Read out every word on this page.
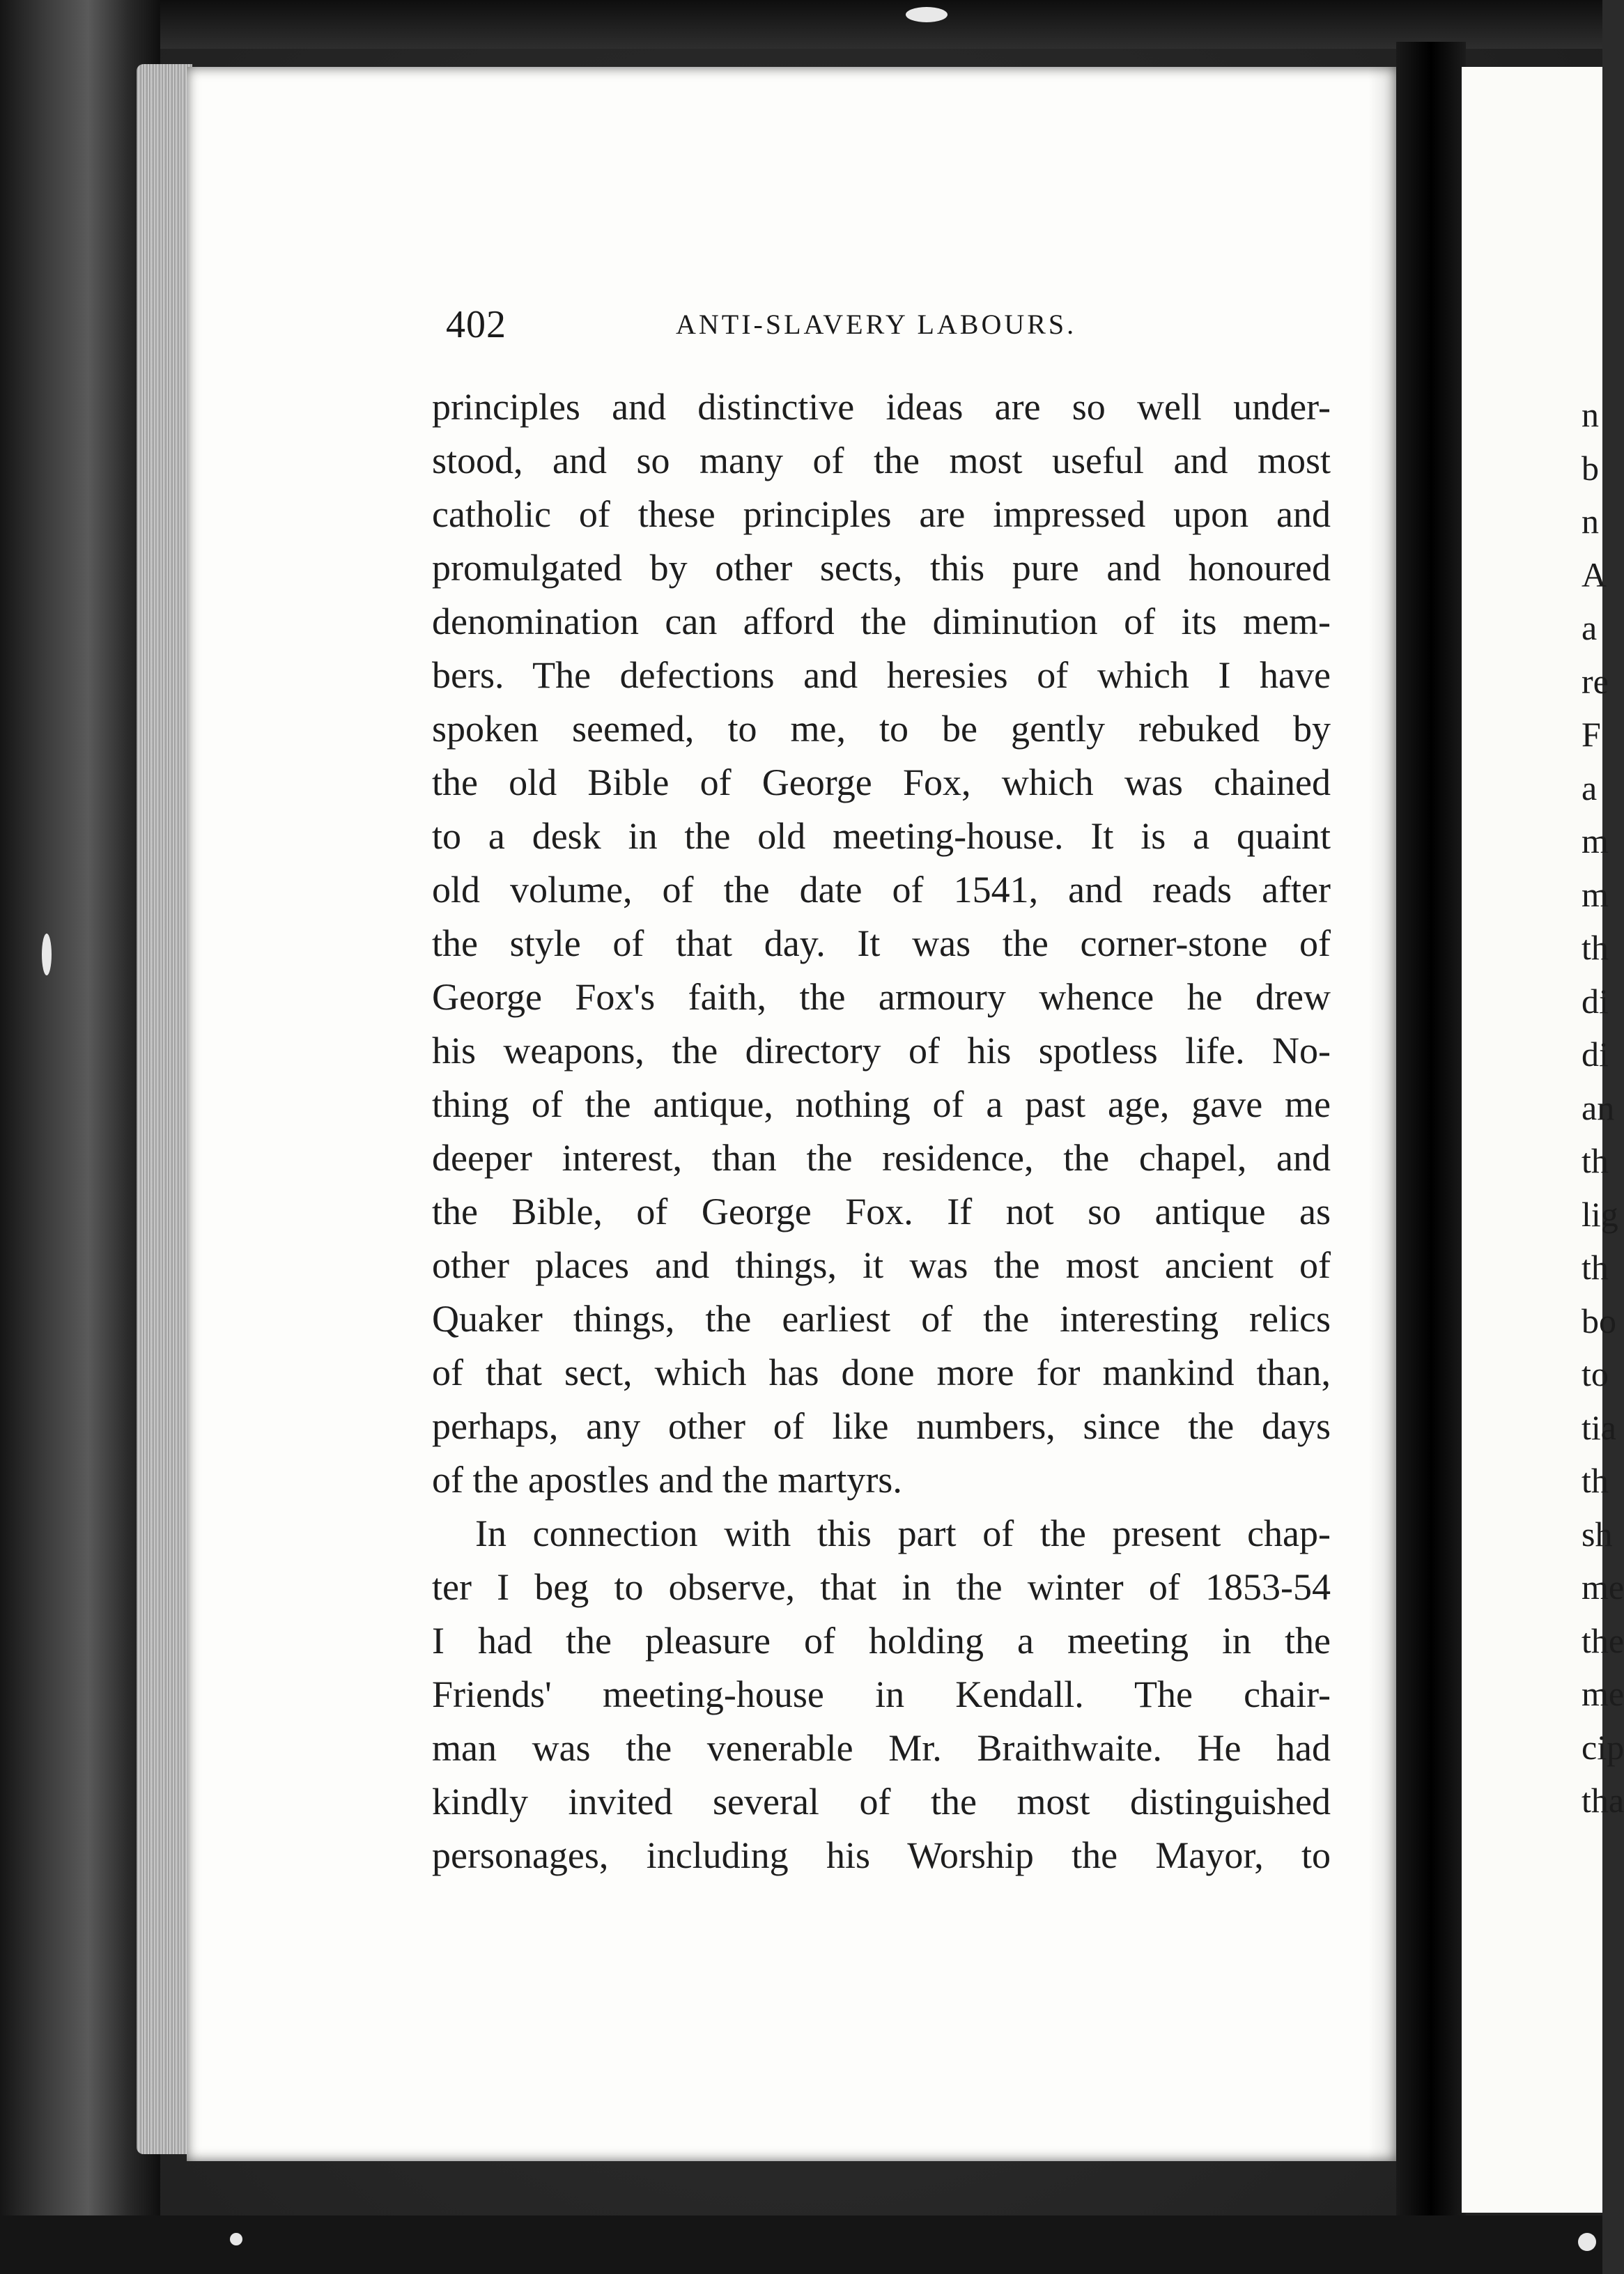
402	ANTI-SLAVERY LABOURS.
principles and distinctive ideas are so well under-
stood, and so many of the most useful and most
catholic of these principles are impressed upon and
promulgated by other sects, this pure and honoured
denomination can afford the diminution of its mem-
bers. The defections and heresies of which I have
spoken seemed, to me, to be gently rebuked by
the old Bible of George Fox, which was chained
to a desk in the old meeting-house. It is a quaint
old volume, of the date of 1541, and reads after
the style of that day. It was the corner-stone of
George Fox's faith, the armoury whence he drew
his weapons, the directory of his spotless life. No-
thing of the antique, nothing of a past age, gave me
deeper interest, than the residence, the chapel, and
the Bible, of George Fox. If not so antique as
other places and things, it was the most ancient of
Quaker things, the earliest of the interesting relics
of that sect, which has done more for mankind than,
perhaps, any other of like numbers, since the days
of the apostles and the martyrs.
In connection with this part of the present chap-
ter I beg to observe, that in the winter of 1853-54
I had the pleasure of holding a meeting in the
Friends' meeting-house in Kendall. The chair-
man was the venerable Mr. Braithwaite. He had
kindly invited several of the most distinguished
personages, including his Worship the Mayor, to
n
b
n
A
a
re
F
a
m
m
th
di
di
an
th
lig
th
bo
to
tia
th
sh
me
the
me
cip
tha
